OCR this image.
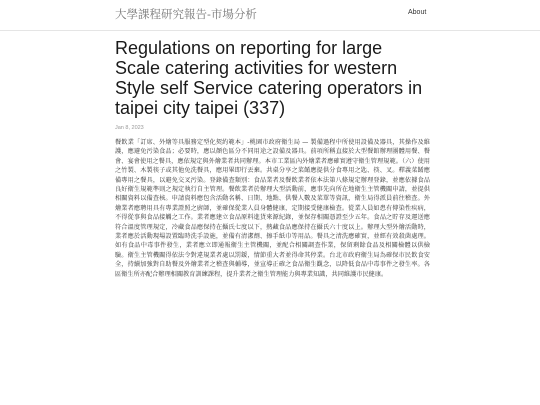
大學課程研究報告-市場分析	About
Regulations on reporting for large Scale catering activities for western Style self Service catering operators in taipei city taipei (337)
Jan 8, 2023
餐飲業「訂席、外燴等具服務定型化契約範本」-桃園市政府衛生局 — 製備過程中所使用設備及器具，其操作及維護，應避免污染食品；必要時，應以顏色區分不同用途之設備及器具。前項所稱直接於大型餐館辦理團體用餐、餐會、宴會使用之餐具，應依規定與外燴業者共同辦理。本市工業區內外燴業者應確實遵守衛生管理規範。（六）使用之竹製、木製筷子或其他免洗餐具，應用畢即行丟棄。共桌分享之菜餚應提供分食專用之匙、筷、叉。釋義菜餚應備專用之餐具，以避免交叉污染。登錄備查類別：食品業者及餐飲業者依本法第八條規定辦理登錄，並應依據食品良好衛生規範準則之規定執行自主管理。餐飲業者於辦理大型活動前，應事先向所在地衛生主管機關申請，並提供相關資料以備查核。申請資料應包含活動名稱、日期、地點、供餐人數及菜單等資訊，衛生局得派員前往稽查。外燴業者應聘用具有專業證照之廚師，並確保從業人員身體健康，定期接受健康檢查。從業人員如患有傳染性疾病，不得從事與食品接觸之工作。業者應建立食品原料進貨來源紀錄，並保存相關憑證至少五年。食品之貯存及運送應符合溫度管理規定，冷藏食品應保持在攝氏七度以下，熱藏食品應保持在攝氏六十度以上。辦理大型外燴活動時，業者應於活動現場設置臨時洗手設施，並備有清潔劑、擦手紙巾等用品。餐具之清洗應確實，並經有效殺菌處理。如有食品中毒事件發生，業者應立即通報衛生主管機關，並配合相關調查作業，保留剩餘食品及相關檢體以供檢驗。衛生主管機關得依法令對違規業者處以罰鍰，情節重大者並得命其停業。台北市政府衛生局為確保市民飲食安全，持續加強對自助餐及外燴業者之稽查與輔導，並宣導正確之食品衛生觀念，以降低食品中毒事件之發生率。各區衛生所亦配合辦理相關教育訓練課程，提升業者之衛生管理能力與專業知識，共同維護市民健康。
